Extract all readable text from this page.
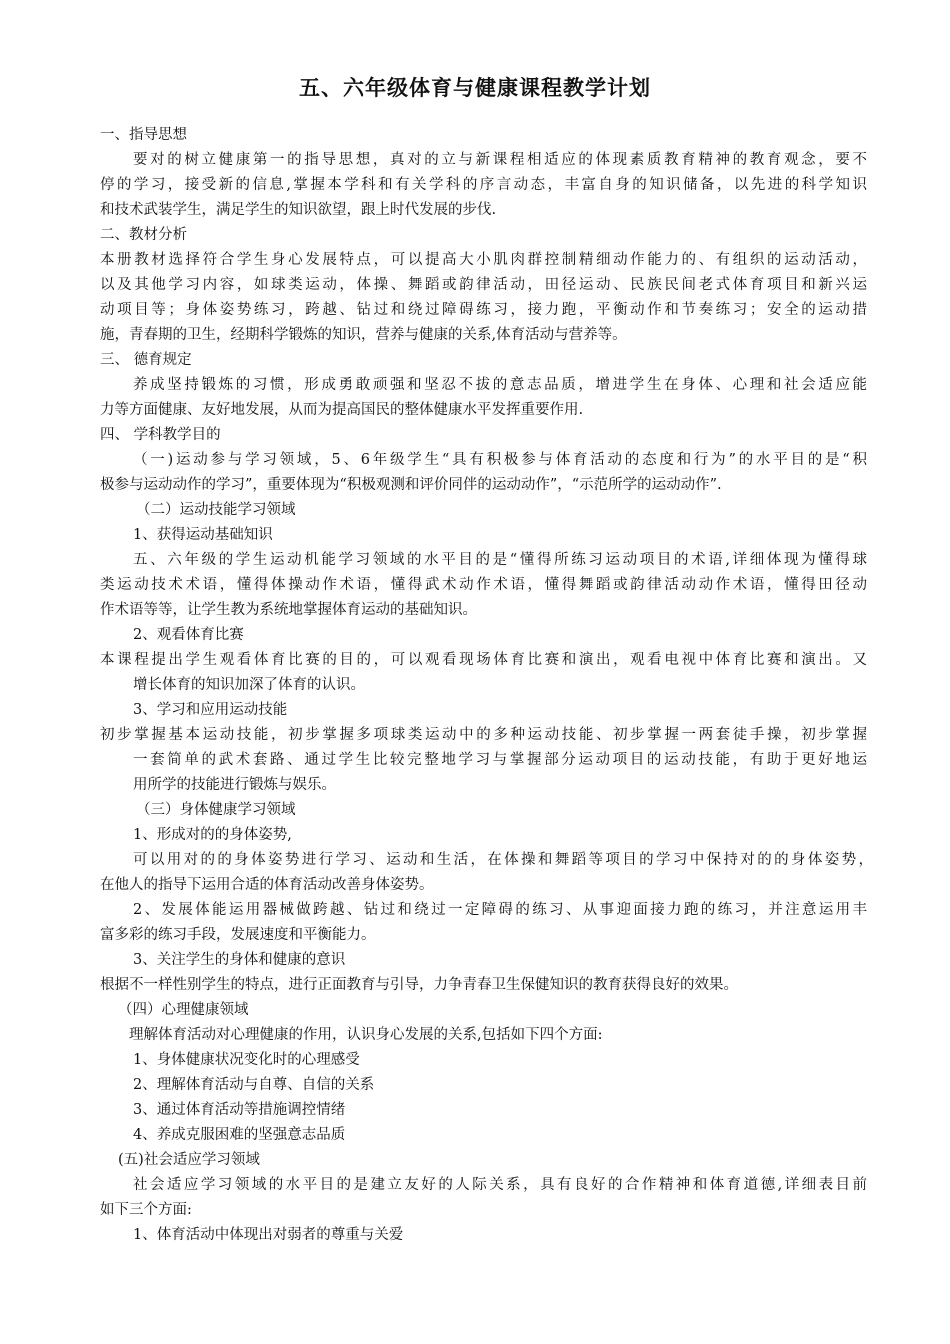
五、六年级体育与健康课程教学计划
一、指导思想
要对的树立健康第一的指导思想，真对的立与新课程相适应的体现素质教育精神的教育观念，要不
停的学习，接受新的信息,掌握本学科和有关学科的序言动态，丰富自身的知识储备，以先进的科学知识
和技术武装学生，满足学生的知识欲望，跟上时代发展的步伐.
二、教材分析
本册教材选择符合学生身心发展特点，可以提高大小肌肉群控制精细动作能力的、有组织的运动活动，
以及其他学习内容，如球类运动，体操、舞蹈或韵律活动，田径运动、民族民间老式体育项目和新兴运
动项目等；身体姿势练习，跨越、钻过和绕过障碍练习，接力跑，平衡动作和节奏练习；安全的运动措
施，青春期的卫生，经期科学锻炼的知识，营养与健康的关系,体育活动与营养等。
三、 德育规定
养成坚持锻炼的习惯，形成勇敢顽强和坚忍不拔的意志品质，增进学生在身体、心理和社会适应能
力等方面健康、友好地发展，从而为提高国民的整体健康水平发挥重要作用.
四、 学科教学目的
（一)运动参与学习领域，5、6年级学生“具有积极参与体育活动的态度和行为”的水平目的是“积
极参与运动动作的学习”，重要体现为“积极观测和评价同伴的运动动作”，“示范所学的运动动作”.
（二）运动技能学习领域
1、获得运动基础知识
五、六年级的学生运动机能学习领域的水平目的是“懂得所练习运动项目的术语,详细体现为懂得球
类运动技术术语，懂得体操动作术语，懂得武术动作术语，懂得舞蹈或韵律活动动作术语，懂得田径动
作术语等等，让学生教为系统地掌握体育运动的基础知识。
2、观看体育比赛
本课程提出学生观看体育比赛的目的，可以观看现场体育比赛和演出，观看电视中体育比赛和演出。又
增长体育的知识加深了体育的认识。
3、学习和应用运动技能
初步掌握基本运动技能，初步掌握多项球类运动中的多种运动技能、初步掌握一两套徒手操，初步掌握
一套简单的武术套路、通过学生比较完整地学习与掌握部分运动项目的运动技能，有助于更好地运
用所学的技能进行锻炼与娱乐。
（三）身体健康学习领域
1、形成对的的身体姿势,
可以用对的的身体姿势进行学习、运动和生活，在体操和舞蹈等项目的学习中保持对的的身体姿势，
在他人的指导下运用合适的体育活动改善身体姿势。
2、发展体能运用器械做跨越、钻过和绕过一定障碍的练习、从事迎面接力跑的练习，并注意运用丰
富多彩的练习手段，发展速度和平衡能力。
3、关注学生的身体和健康的意识
根据不一样性别学生的特点，进行正面教育与引导，力争青春卫生保健知识的教育获得良好的效果。
（四）心理健康领域
理解体育活动对心理健康的作用，认识身心发展的关系,包括如下四个方面:
1、身体健康状况变化时的心理感受
2、理解体育活动与自尊、自信的关系
3、通过体育活动等措施调控情绪
4、养成克服困难的坚强意志品质
(五)社会适应学习领域
社会适应学习领域的水平目的是建立友好的人际关系，具有良好的合作精神和体育道德,详细表目前
如下三个方面:
1、体育活动中体现出对弱者的尊重与关爱
